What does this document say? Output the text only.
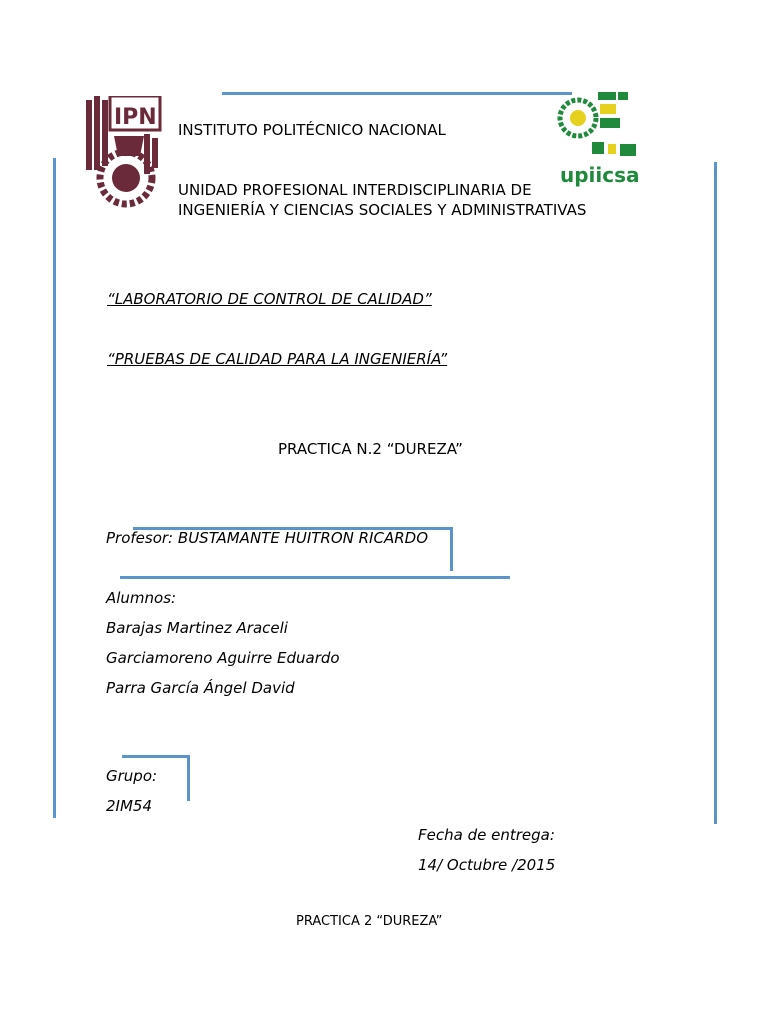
IPN
upiicsa
INSTITUTO POLITÉCNICO NACIONAL
UNIDAD PROFESIONAL INTERDISCIPLINARIA DE
INGENIERÍA Y CIENCIAS SOCIALES Y ADMINISTRATIVAS
“LABORATORIO DE CONTROL DE CALIDAD”
“PRUEBAS DE CALIDAD PARA LA INGENIERÍA”
PRACTICA N.2 “DUREZA”
Profesor: BUSTAMANTE HUITRON RICARDO
Alumnos:
Barajas Martinez Araceli
Garciamoreno Aguirre Eduardo
Parra García Ángel David
Grupo:
2IM54
Fecha de entrega:
14/ Octubre /2015
PRACTICA 2 “DUREZA”
